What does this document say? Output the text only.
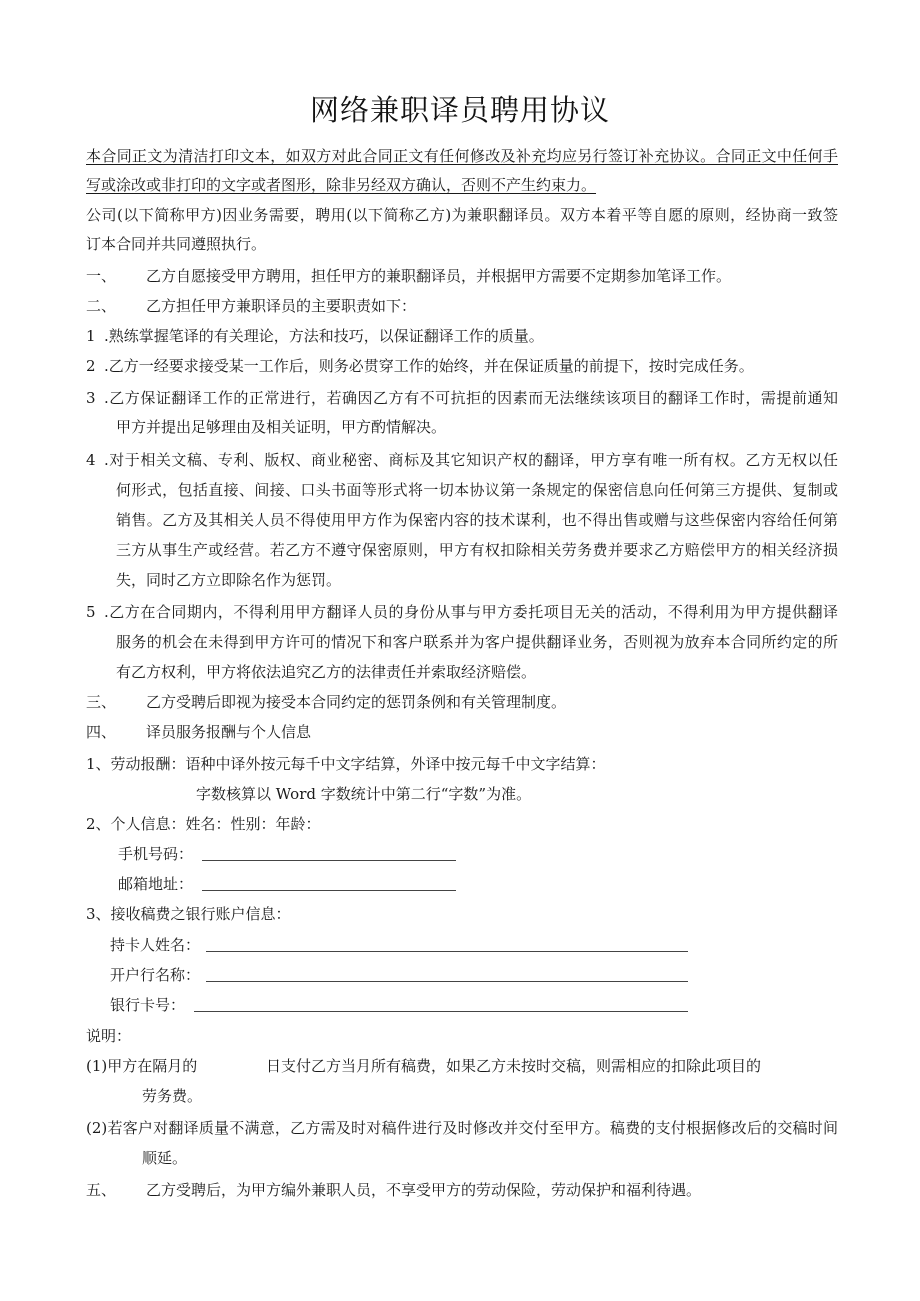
网络兼职译员聘用协议
本合同正文为清洁打印文本，如双方对此合同正文有任何修改及补充均应另行签订补充协议。合同正文中任何手
写或涂改或非打印的文字或者图形，除非另经双方确认，否则不产生约束力。
公司(以下简称甲方)因业务需要，聘用(以下简称乙方)为兼职翻译员。双方本着平等自愿的原则，经协商一致签
订本合同并共同遵照执行。
一、 乙方自愿接受甲方聘用，担任甲方的兼职翻译员，并根据甲方需要不定期参加笔译工作。
二、 乙方担任甲方兼职译员的主要职责如下：
1 .熟练掌握笔译的有关理论，方法和技巧，以保证翻译工作的质量。
2 .乙方一经要求接受某一工作后，则务必贯穿工作的始终，并在保证质量的前提下，按时完成任务。
3 .乙方保证翻译工作的正常进行，若确因乙方有不可抗拒的因素而无法继续该项目的翻译工作时，需提前通知
甲方并提出足够理由及相关证明，甲方酌情解决。
4 .对于相关文稿、专利、版权、商业秘密、商标及其它知识产权的翻译，甲方享有唯一所有权。乙方无权以任
何形式，包括直接、间接、口头书面等形式将一切本协议第一条规定的保密信息向任何第三方提供、复制或
销售。乙方及其相关人员不得使用甲方作为保密内容的技术谋利，也不得出售或赠与这些保密内容给任何第
三方从事生产或经营。若乙方不遵守保密原则，甲方有权扣除相关劳务费并要求乙方赔偿甲方的相关经济损
失，同时乙方立即除名作为惩罚。
5 .乙方在合同期内，不得利用甲方翻译人员的身份从事与甲方委托项目无关的活动，不得利用为甲方提供翻译
服务的机会在未得到甲方许可的情况下和客户联系并为客户提供翻译业务，否则视为放弃本合同所约定的所
有乙方权利，甲方将依法追究乙方的法律责任并索取经济赔偿。
三、 乙方受聘后即视为接受本合同约定的惩罚条例和有关管理制度。
四、 译员服务报酬与个人信息
1、劳动报酬：语种中译外按元每千中文字结算，外译中按元每千中文字结算：
字数核算以 Word 字数统计中第二行“字数”为准。
2、个人信息：姓名：性别：年龄：
手机号码：
邮箱地址：
3、接收稿费之银行账户信息：
持卡人姓名：
开户行名称：
银行卡号：
说明：
(1)甲方在隔月的	日支付乙方当月所有稿费，如果乙方未按时交稿，则需相应的扣除此项目的
劳务费。
(2)若客户对翻译质量不满意，乙方需及时对稿件进行及时修改并交付至甲方。稿费的支付根据修改后的交稿时间
顺延。
五、 乙方受聘后，为甲方编外兼职人员，不享受甲方的劳动保险，劳动保护和福利待遇。
